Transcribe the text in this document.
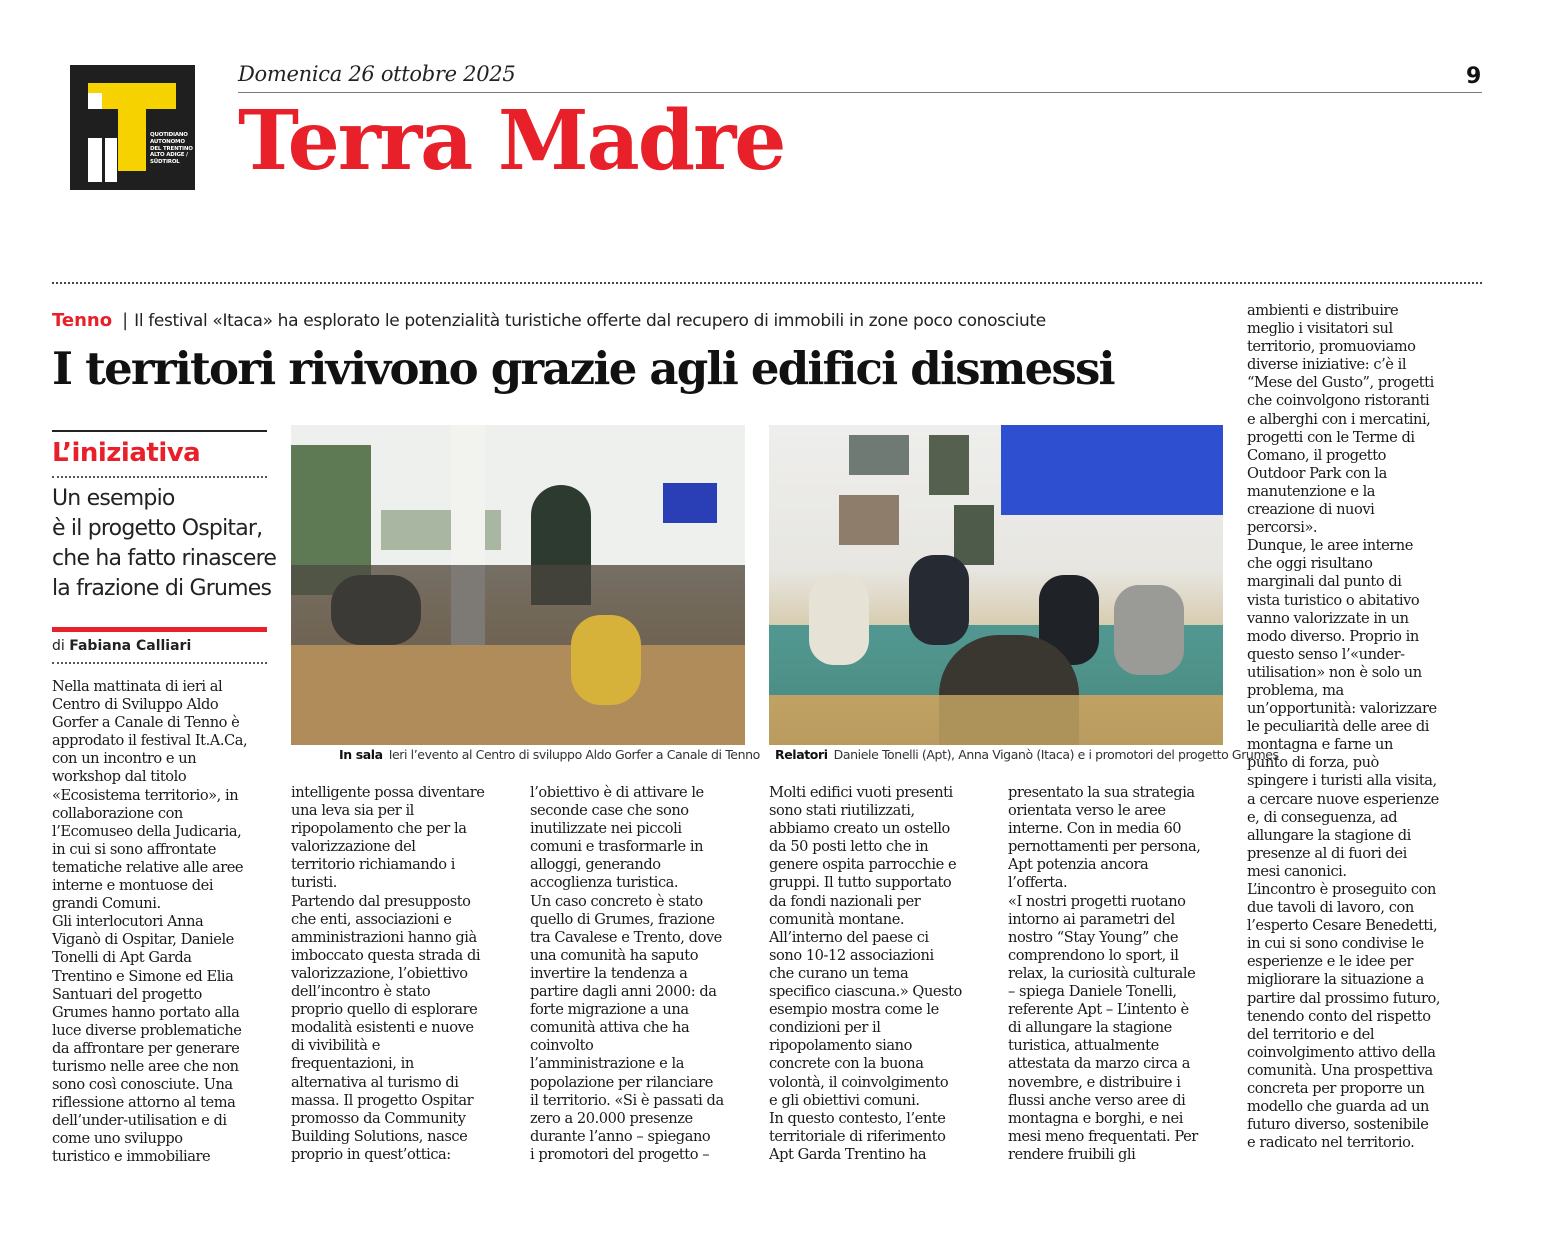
QUOTIDIANO
AUTONOMO
DEL TRENTINO
ALTO ADIGE /
SÜDTIROL
Domenica 26 ottobre 2025	9
Terra Madre
Tenno | Il festival «Itaca» ha esplorato le potenzialità turistiche offerte dal recupero di immobili in zone poco conosciute
I territori rivivono grazie agli edifici dismessi
L’iniziativa
Un esempio
è il progetto Ospitar,
che ha fatto rinascere
la frazione di Grumes
di Fabiana Calliari
In sala Ieri l’evento al Centro di sviluppo Aldo Gorfer a Canale di Tenno Relatori Daniele Tonelli (Apt), Anna Viganò (Itaca) e i promotori del progetto Grumes

Nella mattinata di ieri al

Centro di Sviluppo Aldo

Gorfer a Canale di Tenno è

approdato il festival It.A.Ca,

con un incontro e un

workshop dal titolo

«Ecosistema territorio», in

collaborazione con

l’Ecomuseo della Judicaria,

in cui si sono affrontate

tematiche relative alle aree

interne e montuose dei

grandi Comuni.

Gli interlocutori Anna

Viganò di Ospitar, Daniele

Tonelli di Apt Garda

Trentino e Simone ed Elia

Santuari del progetto

Grumes hanno portato alla

luce diverse problematiche

da affrontare per generare

turismo nelle aree che non

sono così conosciute. Una

riflessione attorno al tema

dell’under-utilisation e di

come uno sviluppo

turistico e immobiliare

intelligente possa diventare

una leva sia per il

ripopolamento che per la

valorizzazione del

territorio richiamando i

turisti.

Partendo dal presupposto

che enti, associazioni e

amministrazioni hanno già

imboccato questa strada di

valorizzazione, l’obiettivo

dell’incontro è stato

proprio quello di esplorare

modalità esistenti e nuove

di vivibilità e

frequentazioni, in

alternativa al turismo di

massa. Il progetto Ospitar

promosso da Community

Building Solutions, nasce

proprio in quest’ottica:

l’obiettivo è di attivare le

seconde case che sono

inutilizzate nei piccoli

comuni e trasformarle in

alloggi, generando

accoglienza turistica.

Un caso concreto è stato

quello di Grumes, frazione

tra Cavalese e Trento, dove

una comunità ha saputo

invertire la tendenza a

partire dagli anni 2000: da

forte migrazione a una

comunità attiva che ha

coinvolto

l’amministrazione e la

popolazione per rilanciare

il territorio. «Si è passati da

zero a 20.000 presenze

durante l’anno – spiegano

i promotori del progetto –

Molti edifici vuoti presenti

sono stati riutilizzati,

abbiamo creato un ostello

da 50 posti letto che in

genere ospita parrocchie e

gruppi. Il tutto supportato

da fondi nazionali per

comunità montane.

All’interno del paese ci

sono 10-12 associazioni

che curano un tema

specifico ciascuna.» Questo

esempio mostra come le

condizioni per il

ripopolamento siano

concrete con la buona

volontà, il coinvolgimento

e gli obiettivi comuni.

In questo contesto, l’ente

territoriale di riferimento

Apt Garda Trentino ha

presentato la sua strategia

orientata verso le aree

interne. Con in media 60

pernottamenti per persona,

Apt potenzia ancora

l’offerta.

«I nostri progetti ruotano

intorno ai parametri del

nostro “Stay Young” che

comprendono lo sport, il

relax, la curiosità culturale

– spiega Daniele Tonelli,

referente Apt – L’intento è

di allungare la stagione

turistica, attualmente

attestata da marzo circa a

novembre, e distribuire i

flussi anche verso aree di

montagna e borghi, e nei

mesi meno frequentati. Per

rendere fruibili gli

ambienti e distribuire

meglio i visitatori sul

territorio, promuoviamo

diverse iniziative: c’è il

“Mese del Gusto”, progetti

che coinvolgono ristoranti

e alberghi con i mercatini,

progetti con le Terme di

Comano, il progetto

Outdoor Park con la

manutenzione e la

creazione di nuovi

percorsi».

Dunque, le aree interne

che oggi risultano

marginali dal punto di

vista turistico o abitativo

vanno valorizzate in un

modo diverso. Proprio in

questo senso l’«under-

utilisation» non è solo un

problema, ma

un’opportunità: valorizzare

le peculiarità delle aree di

montagna e farne un

punto di forza, può

spingere i turisti alla visita,

a cercare nuove esperienze

e, di conseguenza, ad

allungare la stagione di

presenze al di fuori dei

mesi canonici.

L’incontro è proseguito con

due tavoli di lavoro, con

l’esperto Cesare Benedetti,

in cui si sono condivise le

esperienze e le idee per

migliorare la situazione a

partire dal prossimo futuro,

tenendo conto del rispetto

del territorio e del

coinvolgimento attivo della

comunità. Una prospettiva

concreta per proporre un

modello che guarda ad un

futuro diverso, sostenibile

e radicato nel territorio.
